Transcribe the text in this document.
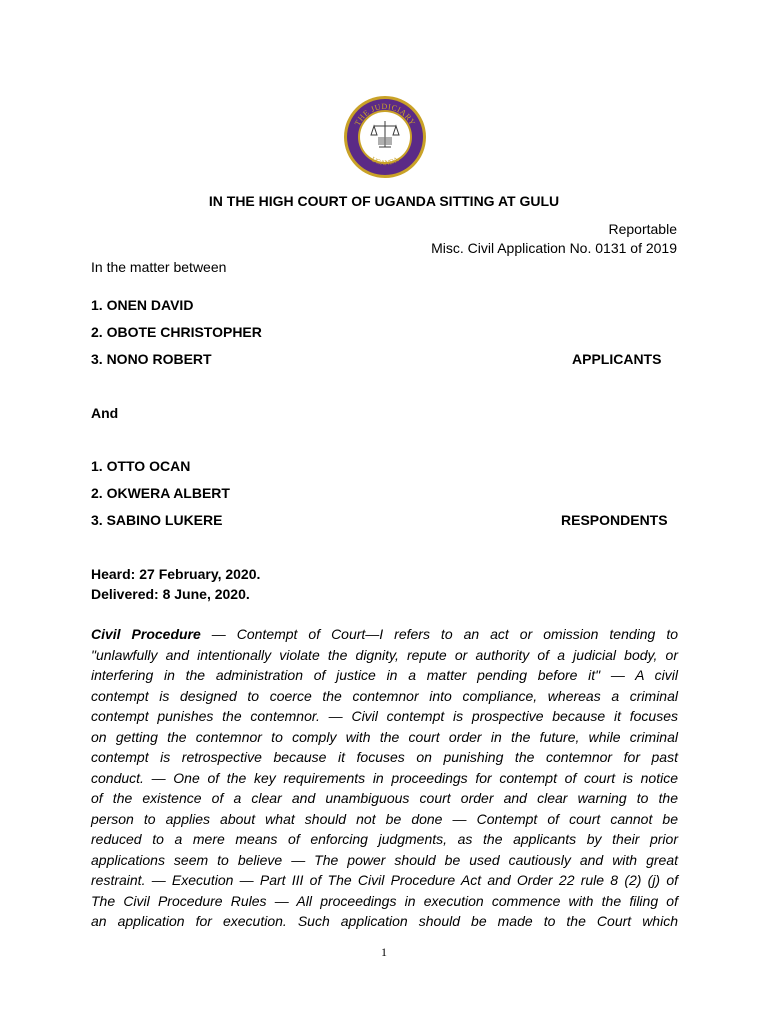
THE JUDICIARY
UGANDA
IN THE HIGH COURT OF UGANDA SITTING AT GULU
Reportable
Misc. Civil Application No. 0131 of 2019
In the matter between
1. ONEN DAVID
2. OBOTE CHRISTOPHER
3. NONO ROBERT	APPLICANTS
And
1. OTTO OCAN
2. OKWERA ALBERT
3. SABINO LUKERE	RESPONDENTS
Heard: 27 February, 2020.
Delivered: 8 June, 2020.
Civil Procedure — Contempt of Court—I refers to an act or omission tending to
"unlawfully and intentionally violate the dignity, repute or authority of a judicial body, or
interfering in the administration of justice in a matter pending before it" — A civil
contempt is designed to coerce the contemnor into compliance, whereas a criminal
contempt punishes the contemnor. — Civil contempt is prospective because it focuses
on getting the contemnor to comply with the court order in the future, while criminal
contempt is retrospective because it focuses on punishing the contemnor for past
conduct. — One of the key requirements in proceedings for contempt of court is notice
of the existence of a clear and unambiguous court order and clear warning to the
person to applies about what should not be done — Contempt of court cannot be
reduced to a mere means of enforcing judgments, as the applicants by their prior
applications seem to believe — The power should be used cautiously and with great
restraint. — Execution — Part III of The Civil Procedure Act and Order 22 rule 8 (2) (j) of
The Civil Procedure Rules — All proceedings in execution commence with the filing of
an application for execution. Such application should be made to the Court which
1
